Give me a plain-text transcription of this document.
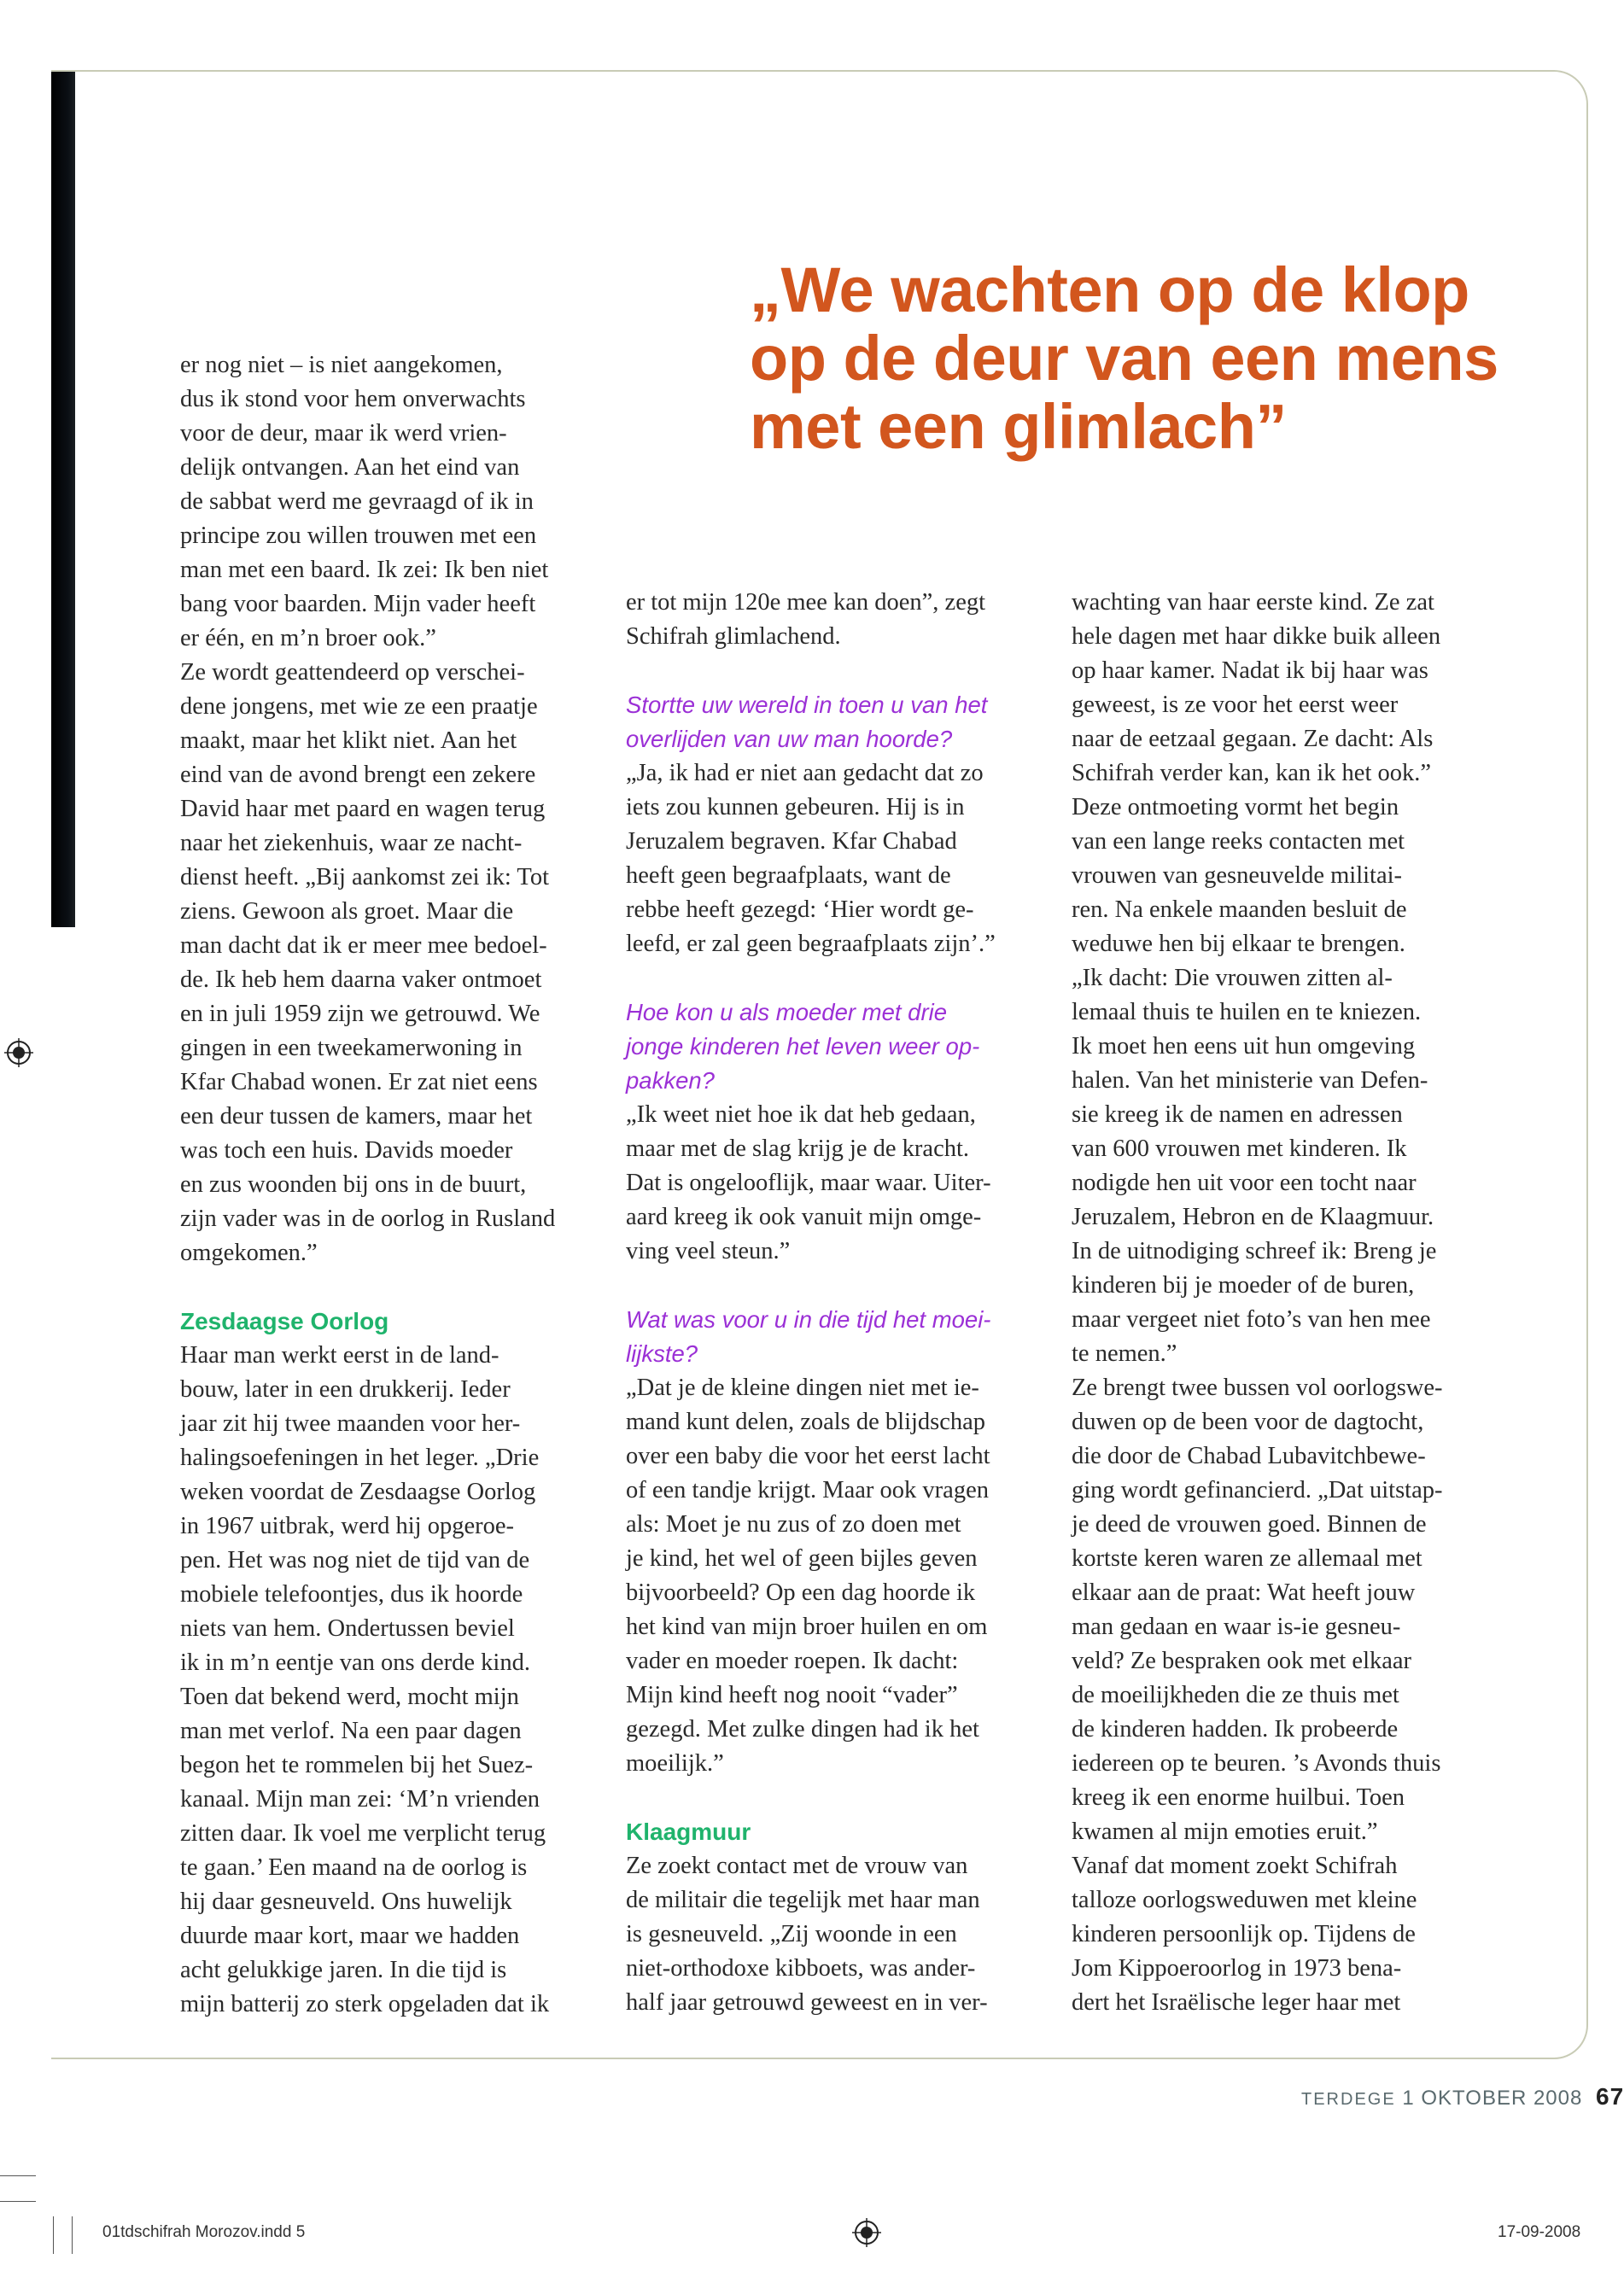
„We wachten op de klop
op de deur van een mens
met een glimlach”
er nog niet – is niet aangekomen,
dus ik stond voor hem onverwachts
voor de deur, maar ik werd vrien-
delijk ontvangen. Aan het eind van
de sabbat werd me gevraagd of ik in
principe zou willen trouwen met een
man met een baard. Ik zei: Ik ben niet
bang voor baarden. Mijn vader heeft
er één, en m’n broer ook.”
Ze wordt geattendeerd op verschei-
dene jongens, met wie ze een praatje
maakt, maar het klikt niet. Aan het
eind van de avond brengt een zekere
David haar met paard en wagen terug
naar het ziekenhuis, waar ze nacht-
dienst heeft. „Bij aankomst zei ik: Tot
ziens. Gewoon als groet. Maar die
man dacht dat ik er meer mee bedoel-
de. Ik heb hem daarna vaker ontmoet
en in juli 1959 zijn we getrouwd. We
gingen in een tweekamerwoning in
Kfar Chabad wonen. Er zat niet eens
een deur tussen de kamers, maar het
was toch een huis. Davids moeder
en zus woonden bij ons in de buurt,
zijn vader was in de oorlog in Rusland
omgekomen.”
Zesdaagse Oorlog
Haar man werkt eerst in de land-
bouw, later in een drukkerij. Ieder
jaar zit hij twee maanden voor her-
halingsoefeningen in het leger. „Drie
weken voordat de Zesdaagse Oorlog
in 1967 uitbrak, werd hij opgeroe-
pen. Het was nog niet de tijd van de
mobiele telefoontjes, dus ik hoorde
niets van hem. Ondertussen beviel
ik in m’n eentje van ons derde kind.
Toen dat bekend werd, mocht mijn
man met verlof. Na een paar dagen
begon het te rommelen bij het Suez-
kanaal. Mijn man zei: ‘M’n vrienden
zitten daar. Ik voel me verplicht terug
te gaan.’ Een maand na de oorlog is
hij daar gesneuveld. Ons huwelijk
duurde maar kort, maar we hadden
acht gelukkige jaren. In die tijd is
mijn batterij zo sterk opgeladen dat ik
er tot mijn 120e mee kan doen”, zegt
Schifrah glimlachend.
Stortte uw wereld in toen u van het
overlijden van uw man hoorde?
„Ja, ik had er niet aan gedacht dat zo
iets zou kunnen gebeuren. Hij is in
Jeruzalem begraven. Kfar Chabad
heeft geen begraafplaats, want de
rebbe heeft gezegd: ‘Hier wordt ge-
leefd, er zal geen begraafplaats zijn’.”
Hoe kon u als moeder met drie
jonge kinderen het leven weer op-
pakken?
„Ik weet niet hoe ik dat heb gedaan,
maar met de slag krijg je de kracht.
Dat is ongelooflijk, maar waar. Uiter-
aard kreeg ik ook vanuit mijn omge-
ving veel steun.”
Wat was voor u in die tijd het moei-
lijkste?
„Dat je de kleine dingen niet met ie-
mand kunt delen, zoals de blijdschap
over een baby die voor het eerst lacht
of een tandje krijgt. Maar ook vragen
als: Moet je nu zus of zo doen met
je kind, het wel of geen bijles geven
bijvoorbeeld? Op een dag hoorde ik
het kind van mijn broer huilen en om
vader en moeder roepen. Ik dacht:
Mijn kind heeft nog nooit “vader”
gezegd. Met zulke dingen had ik het
moeilijk.”
Klaagmuur
Ze zoekt contact met de vrouw van
de militair die tegelijk met haar man
is gesneuveld. „Zij woonde in een
niet-orthodoxe kibboets, was ander-
half jaar getrouwd geweest en in ver-
wachting van haar eerste kind. Ze zat
hele dagen met haar dikke buik alleen
op haar kamer. Nadat ik bij haar was
geweest, is ze voor het eerst weer
naar de eetzaal gegaan. Ze dacht: Als
Schifrah verder kan, kan ik het ook.”
Deze ontmoeting vormt het begin
van een lange reeks contacten met
vrouwen van gesneuvelde militai-
ren. Na enkele maanden besluit de
weduwe hen bij elkaar te brengen.
„Ik dacht: Die vrouwen zitten al-
lemaal thuis te huilen en te kniezen.
Ik moet hen eens uit hun omgeving
halen. Van het ministerie van Defen-
sie kreeg ik de namen en adressen
van 600 vrouwen met kinderen. Ik
nodigde hen uit voor een tocht naar
Jeruzalem, Hebron en de Klaagmuur.
In de uitnodiging schreef ik: Breng je
kinderen bij je moeder of de buren,
maar vergeet niet foto’s van hen mee
te nemen.”
Ze brengt twee bussen vol oorlogswe-
duwen op de been voor de dagtocht,
die door de Chabad Lubavitchbewe-
ging wordt gefinancierd. „Dat uitstap-
je deed de vrouwen goed. Binnen de
kortste keren waren ze allemaal met
elkaar aan de praat: Wat heeft jouw
man gedaan en waar is-ie gesneu-
veld? Ze bespraken ook met elkaar
de moeilijkheden die ze thuis met
de kinderen hadden. Ik probeerde
iedereen op te beuren. ’s Avonds thuis
kreeg ik een enorme huilbui. Toen
kwamen al mijn emoties eruit.”
Vanaf dat moment zoekt Schifrah
talloze oorlogsweduwen met kleine
kinderen persoonlijk op. Tijdens de
Jom Kippoeroorlog in 1973 bena-
dert het Israëlische leger haar met
TERDEGE 1 OKTOBER 2008 67
01tdschifrah Morozov.indd 5	17-09-2008
